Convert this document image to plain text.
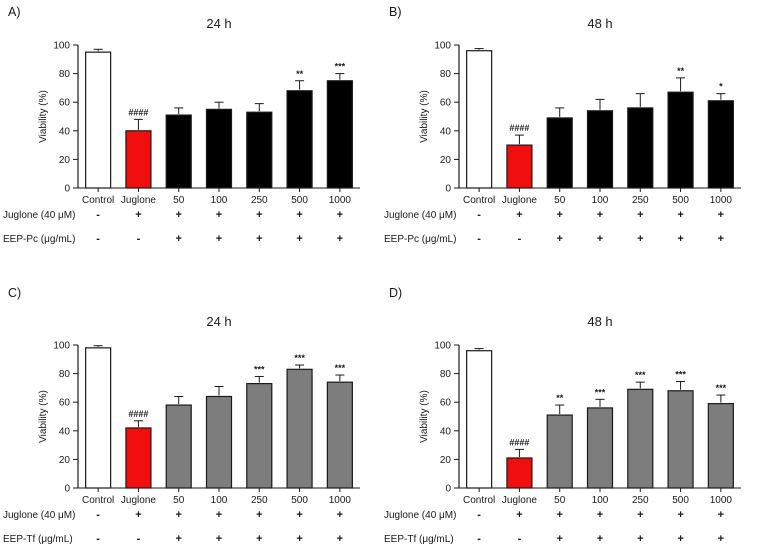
A)
24 h
0
20
40
60
80
100
Viability (%)
Control
####
Juglone 50	100 250
**
500
***
1000
Juglone (40 μM) -	+	+	+	+	+	+
EEP-Pc (μg/mL) -	-	+	+	+	+	+
B)
48 h
0
20
40
60
80
100
Viability (%)
Control
####
Juglone 50	100 250
**
500
*
1000
Juglone (40 μM) -	+	+	+	+	+	+
EEP-Pc (μg/mL) -	-	+	+	+	+	+
C)
24 h
0
20
40
60
80
100
Viability (%)
Control
####
Juglone 50	100
***
250
***
500
***
1000
Juglone (40 μM) -	+	+	+	+	+	+
EEP-Tf (μg/mL) -	-	+	+	+	+	+
D)
48 h
0
20
40
60
80
100
Viability (%)
Control
####
Juglone
**
50
***
100
***
250
***
500
***
1000
Juglone (40 μM) -	+	+	+	+	+	+
EEP-Tf (μg/mL) -	-	+	+	+	+	+
